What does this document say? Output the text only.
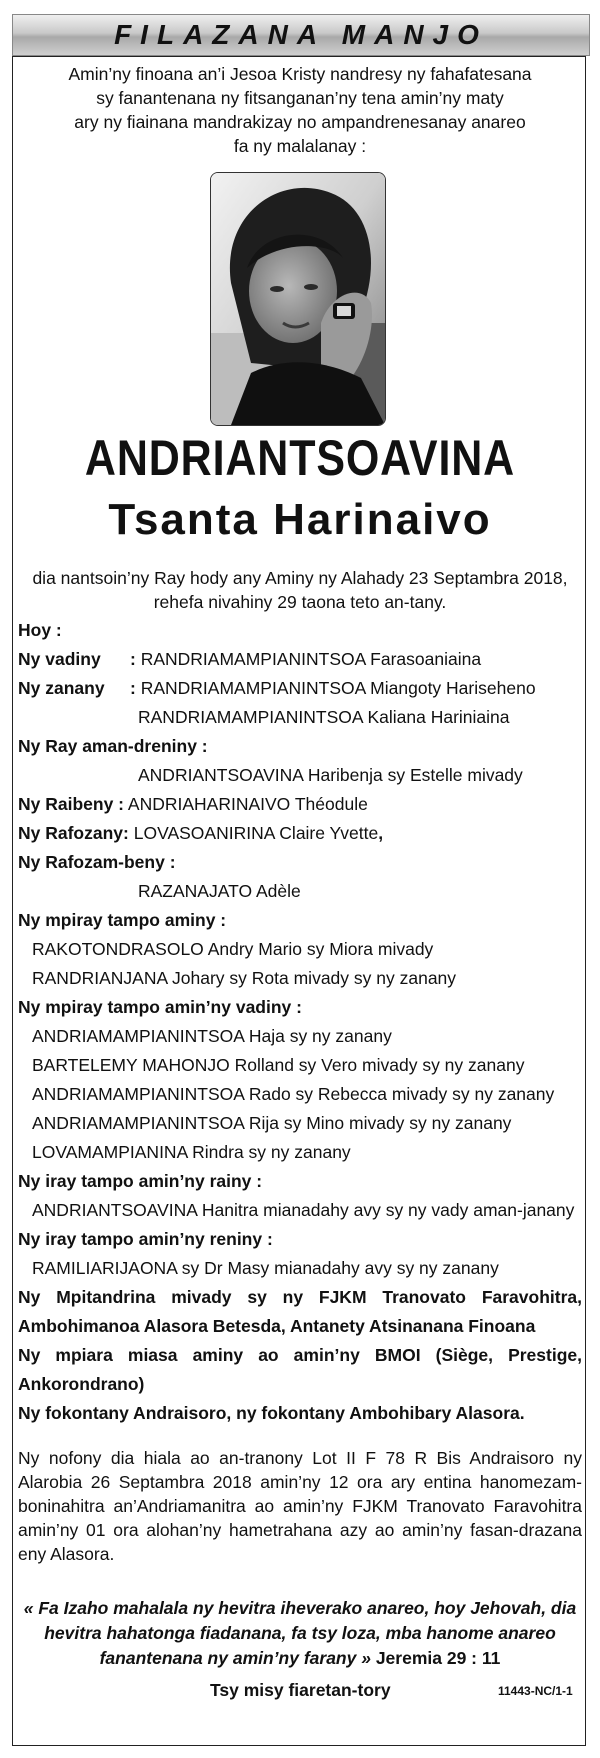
FILAZANA MANJO
Amin’ny finoana an’i Jesoa Kristy nandresy ny fahafatesana
sy fanantenana ny fitsanganan’ny tena amin’ny maty
ary ny fiainana mandrakizay no ampandrenesanay anareo
fa ny malalanay :
ANDRIANTSOAVINA
Tsanta Harinaivo
dia nantsoin’ny Ray hody any Aminy ny Alahady 23 Septambra 2018,
rehefa nivahiny 29 taona teto an-tany.
Hoy :
Ny vadiny : RANDRIAMAMPIANINTSOA Farasoaniaina
Ny zanany : RANDRIAMAMPIANINTSOA Miangoty Hariseheno
RANDRIAMAMPIANINTSOA Kaliana Hariniaina
Ny Ray aman-dreniny :
ANDRIANTSOAVINA Haribenja sy Estelle mivady
Ny Raibeny : ANDRIAHARINAIVO Théodule
Ny Rafozany: LOVASOANIRINA Claire Yvette,
Ny Rafozam-beny :
RAZANAJATO Adèle
Ny mpiray tampo aminy :
RAKOTONDRASOLO Andry Mario sy Miora mivady
RANDRIANJANA Johary sy Rota mivady sy ny zanany
Ny mpiray tampo amin’ny vadiny :
ANDRIAMAMPIANINTSOA Haja sy ny zanany
BARTELEMY MAHONJO Rolland sy Vero mivady sy ny zanany
ANDRIAMAMPIANINTSOA Rado sy Rebecca mivady sy ny zanany
ANDRIAMAMPIANINTSOA Rija sy Mino mivady sy ny zanany
LOVAMAMPIANINA Rindra sy ny zanany
Ny iray tampo amin’ny rainy :
ANDRIANTSOAVINA Hanitra mianadahy avy sy ny vady aman-janany
Ny iray tampo amin’ny reniny :
RAMILIARIJAONA sy Dr Masy mianadahy avy sy ny zanany
Ny Mpitandrina mivady sy ny FJKM Tranovato Faravohitra, Ambohimanoa Alasora Betesda, Antanety Atsinanana Finoana
Ny mpiara miasa aminy ao amin’ny BMOI (Siège, Prestige, Ankorondrano)
Ny fokontany Andraisoro, ny fokontany Ambohibary Alasora.
Ny nofony dia hiala ao an-tranony Lot II F 78 R Bis Andraisoro ny Alarobia 26 Septambra 2018 amin’ny 12 ora ary entina hanomezam-boninahitra an’Andriamanitra ao amin’ny FJKM Tranovato Faravohitra amin’ny 01 ora alohan’ny hametrahana azy ao amin’ny fasan-drazana eny Alasora.
« Fa Izaho mahalala ny hevitra iheverako anareo, hoy Jehovah, dia hevitra hahatonga fiadanana, fa tsy loza, mba hanome anareo fanantenana ny amin’ny farany » Jeremia 29 : 11
Tsy misy fiaretan-tory	11443-NC/1-1
